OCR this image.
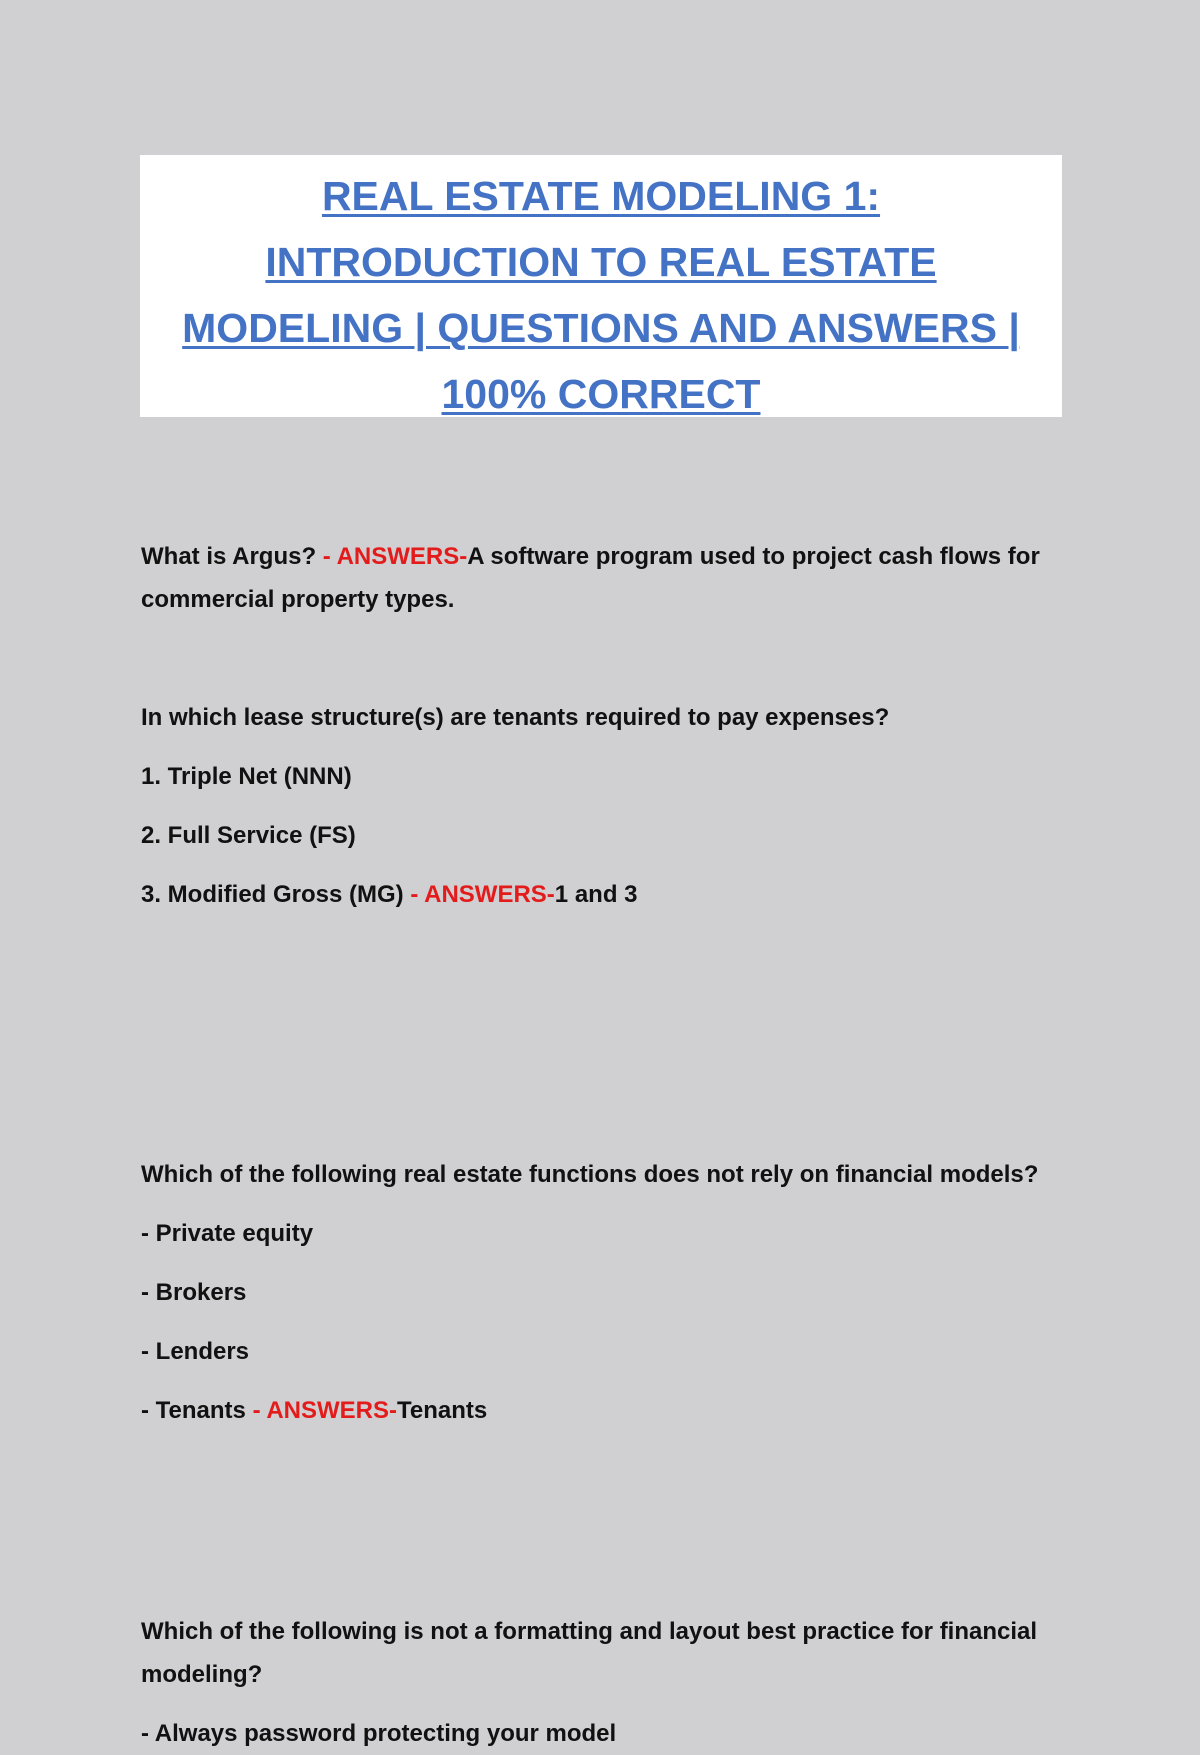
REAL ESTATE MODELING 1:
INTRODUCTION TO REAL ESTATE
MODELING | QUESTIONS AND ANSWERS |
100% CORRECT

What is Argus? - ANSWERS-A software program used to project cash flows for commercial property types.

In which lease structure(s) are tenants required to pay expenses?

1. Triple Net (NNN)
2. Full Service (FS)
3. Modified Gross (MG) - ANSWERS-1 and 3

Which of the following real estate functions does not rely on financial models?

- Private equity
- Brokers
- Lenders
- Tenants - ANSWERS-Tenants

Which of the following is not a formatting and layout best practice for financial modeling?

- Always password protecting your model
